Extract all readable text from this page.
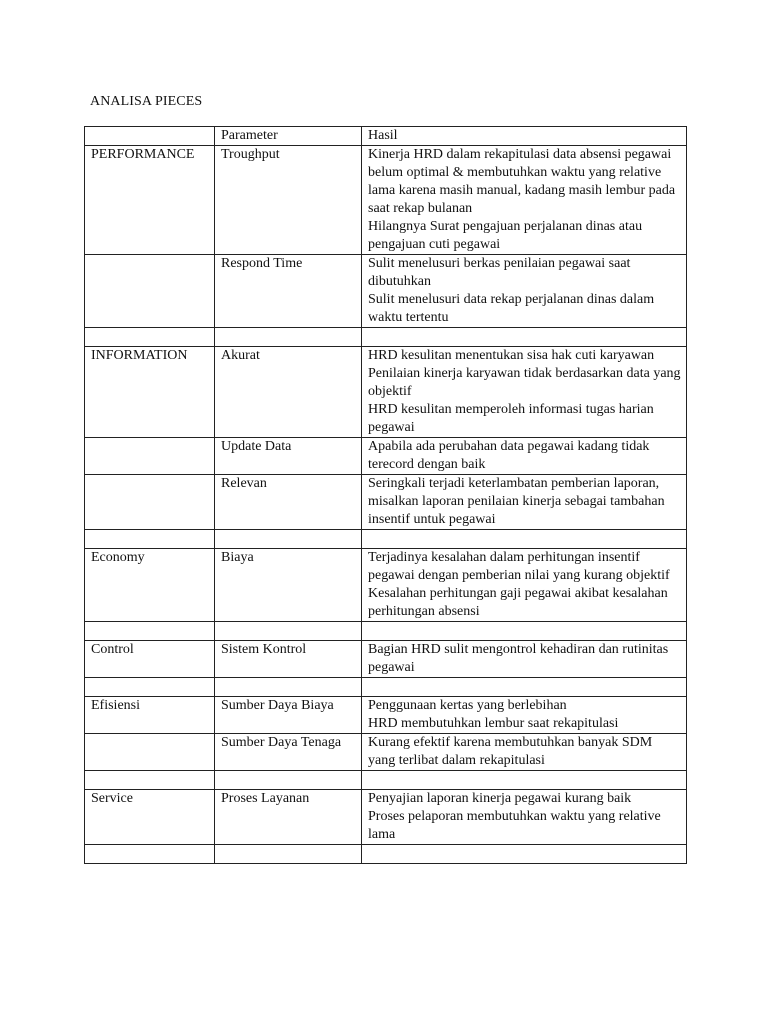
ANALISA PIECES
	Parameter	Hasil

PERFORMANCE	Troughput	Kinerja HRD dalam rekapitulasi data absensi pegawai belum optimal & membutuhkan waktu yang relative lama karena masih manual, kadang masih lembur pada saat rekap bulanan
Hilangnya Surat pengajuan perjalanan dinas atau pengajuan cuti pegawai

	Respond Time	Sulit menelusuri berkas penilaian pegawai saat dibutuhkan
Sulit menelusuri data rekap perjalanan dinas dalam waktu tertentu

INFORMATION	Akurat	HRD kesulitan menentukan sisa hak cuti karyawan
Penilaian kinerja karyawan tidak berdasarkan data yang objektif
HRD kesulitan memperoleh informasi tugas harian pegawai

	Update Data	Apabila ada perubahan data pegawai kadang tidak terecord dengan baik

	Relevan	Seringkali terjadi keterlambatan pemberian laporan, misalkan laporan penilaian kinerja sebagai tambahan insentif untuk pegawai

Economy	Biaya	Terjadinya kesalahan dalam perhitungan insentif pegawai dengan pemberian nilai yang kurang objektif
Kesalahan perhitungan gaji pegawai akibat kesalahan perhitungan absensi

Control	Sistem Kontrol	Bagian HRD sulit mengontrol kehadiran dan rutinitas pegawai

Efisiensi	Sumber Daya Biaya	Penggunaan kertas yang berlebihan
HRD membutuhkan lembur saat rekapitulasi

	Sumber Daya Tenaga	Kurang efektif karena membutuhkan banyak SDM yang terlibat dalam rekapitulasi

Service	Proses Layanan	Penyajian laporan kinerja pegawai kurang baik
Proses pelaporan membutuhkan waktu yang relative lama
